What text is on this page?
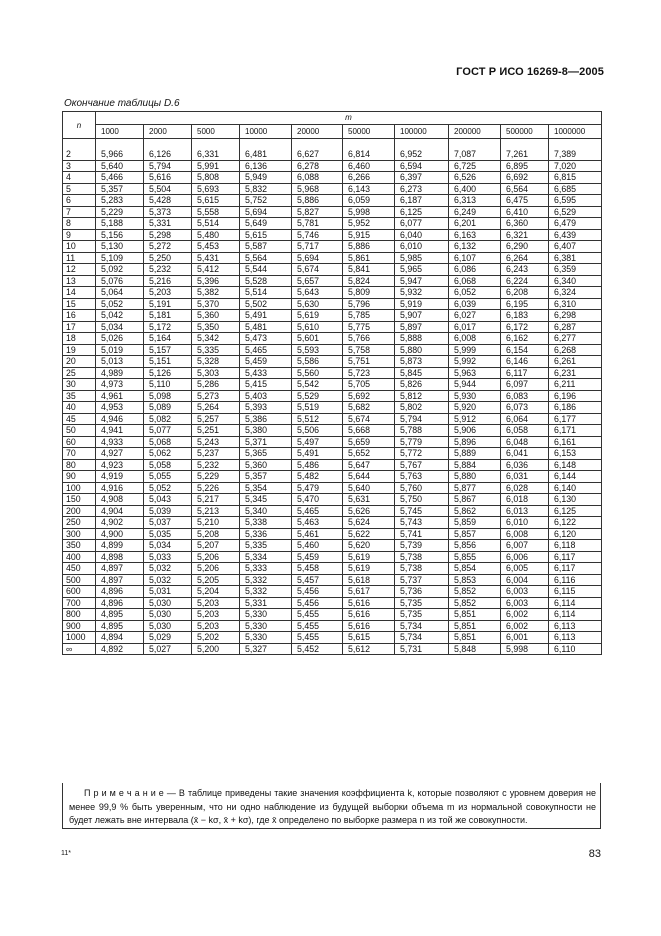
ГОСТ Р ИСО 16269-8—2005
Окончание таблицы D.6
n	m									
	1000	2000	5000	10000	20000	50000	100000	200000	500000	1000000
2	5,966	6,126	6,331	6,481	6,627	6,814	6,952	7,087	7,261	7,389
3	5,640	5,794	5,991	6,136	6,278	6,460	6,594	6,725	6,895	7,020
4	5,466	5,616	5,808	5,949	6,088	6,266	6,397	6,526	6,692	6,815
5	5,357	5,504	5,693	5,832	5,968	6,143	6,273	6,400	6,564	6,685
6	5,283	5,428	5,615	5,752	5,886	6,059	6,187	6,313	6,475	6,595
7	5,229	5,373	5,558	5,694	5,827	5,998	6,125	6,249	6,410	6,529
8	5,188	5,331	5,514	5,649	5,781	5,952	6,077	6,201	6,360	6,479
9	5,156	5,298	5,480	5,615	5,746	5,915	6,040	6,163	6,321	6,439
10	5,130	5,272	5,453	5,587	5,717	5,886	6,010	6,132	6,290	6,407
11	5,109	5,250	5,431	5,564	5,694	5,861	5,985	6,107	6,264	6,381
12	5,092	5,232	5,412	5,544	5,674	5,841	5,965	6,086	6,243	6,359
13	5,076	5,216	5,396	5,528	5,657	5,824	5,947	6,068	6,224	6,340
14	5,064	5,203	5,382	5,514	5,643	5,809	5,932	6,052	6,208	6,324
15	5,052	5,191	5,370	5,502	5,630	5,796	5,919	6,039	6,195	6,310
16	5,042	5,181	5,360	5,491	5,619	5,785	5,907	6,027	6,183	6,298
17	5,034	5,172	5,350	5,481	5,610	5,775	5,897	6,017	6,172	6,287
18	5,026	5,164	5,342	5,473	5,601	5,766	5,888	6,008	6,162	6,277
19	5,019	5,157	5,335	5,465	5,593	5,758	5,880	5,999	6,154	6,268
20	5,013	5,151	5,328	5,459	5,586	5,751	5,873	5,992	6,146	6,261
25	4,989	5,126	5,303	5,433	5,560	5,723	5,845	5,963	6,117	6,231
30	4,973	5,110	5,286	5,415	5,542	5,705	5,826	5,944	6,097	6,211
35	4,961	5,098	5,273	5,403	5,529	5,692	5,812	5,930	6,083	6,196
40	4,953	5,089	5,264	5,393	5,519	5,682	5,802	5,920	6,073	6,186
45	4,946	5,082	5,257	5,386	5,512	5,674	5,794	5,912	6,064	6,177
50	4,941	5,077	5,251	5,380	5,506	5,668	5,788	5,906	6,058	6,171
60	4,933	5,068	5,243	5,371	5,497	5,659	5,779	5,896	6,048	6,161
70	4,927	5,062	5,237	5,365	5,491	5,652	5,772	5,889	6,041	6,153
80	4,923	5,058	5,232	5,360	5,486	5,647	5,767	5,884	6,036	6,148
90	4,919	5,055	5,229	5,357	5,482	5,644	5,763	5,880	6,031	6,144
100	4,916	5,052	5,226	5,354	5,479	5,640	5,760	5,877	6,028	6,140
150	4,908	5,043	5,217	5,345	5,470	5,631	5,750	5,867	6,018	6,130
200	4,904	5,039	5,213	5,340	5,465	5,626	5,745	5,862	6,013	6,125
250	4,902	5,037	5,210	5,338	5,463	5,624	5,743	5,859	6,010	6,122
300	4,900	5,035	5,208	5,336	5,461	5,622	5,741	5,857	6,008	6,120
350	4,899	5,034	5,207	5,335	5,460	5,620	5,739	5,856	6,007	6,118
400	4,898	5,033	5,206	5,334	5,459	5,619	5,738	5,855	6,006	6,117
450	4,897	5,032	5,206	5,333	5,458	5,619	5,738	5,854	6,005	6,117
500	4,897	5,032	5,205	5,332	5,457	5,618	5,737	5,853	6,004	6,116
600	4,896	5,031	5,204	5,332	5,456	5,617	5,736	5,852	6,003	6,115
700	4,896	5,030	5,203	5,331	5,456	5,616	5,735	5,852	6,003	6,114
800	4,895	5,030	5,203	5,330	5,455	5,616	5,735	5,851	6,002	6,114
900	4,895	5,030	5,203	5,330	5,455	5,616	5,734	5,851	6,002	6,113
1000	4,894	5,029	5,202	5,330	5,455	5,615	5,734	5,851	6,001	6,113
∞	4,892	5,027	5,200	5,327	5,452	5,612	5,731	5,848	5,998	6,110
П р и м е ч а н и е — В таблице приведены такие значения коэффициента k, которые позволяют с уровнем доверия не менее 99,9 % быть уверенным, что ни одно наблюдение из будущей выборки объема m из нормальной совокупности не будет лежать вне интервала (x̄ − kσ, x̄ + kσ), где x̄ определено по выборке размера n из той же совокупности.
11*	83
